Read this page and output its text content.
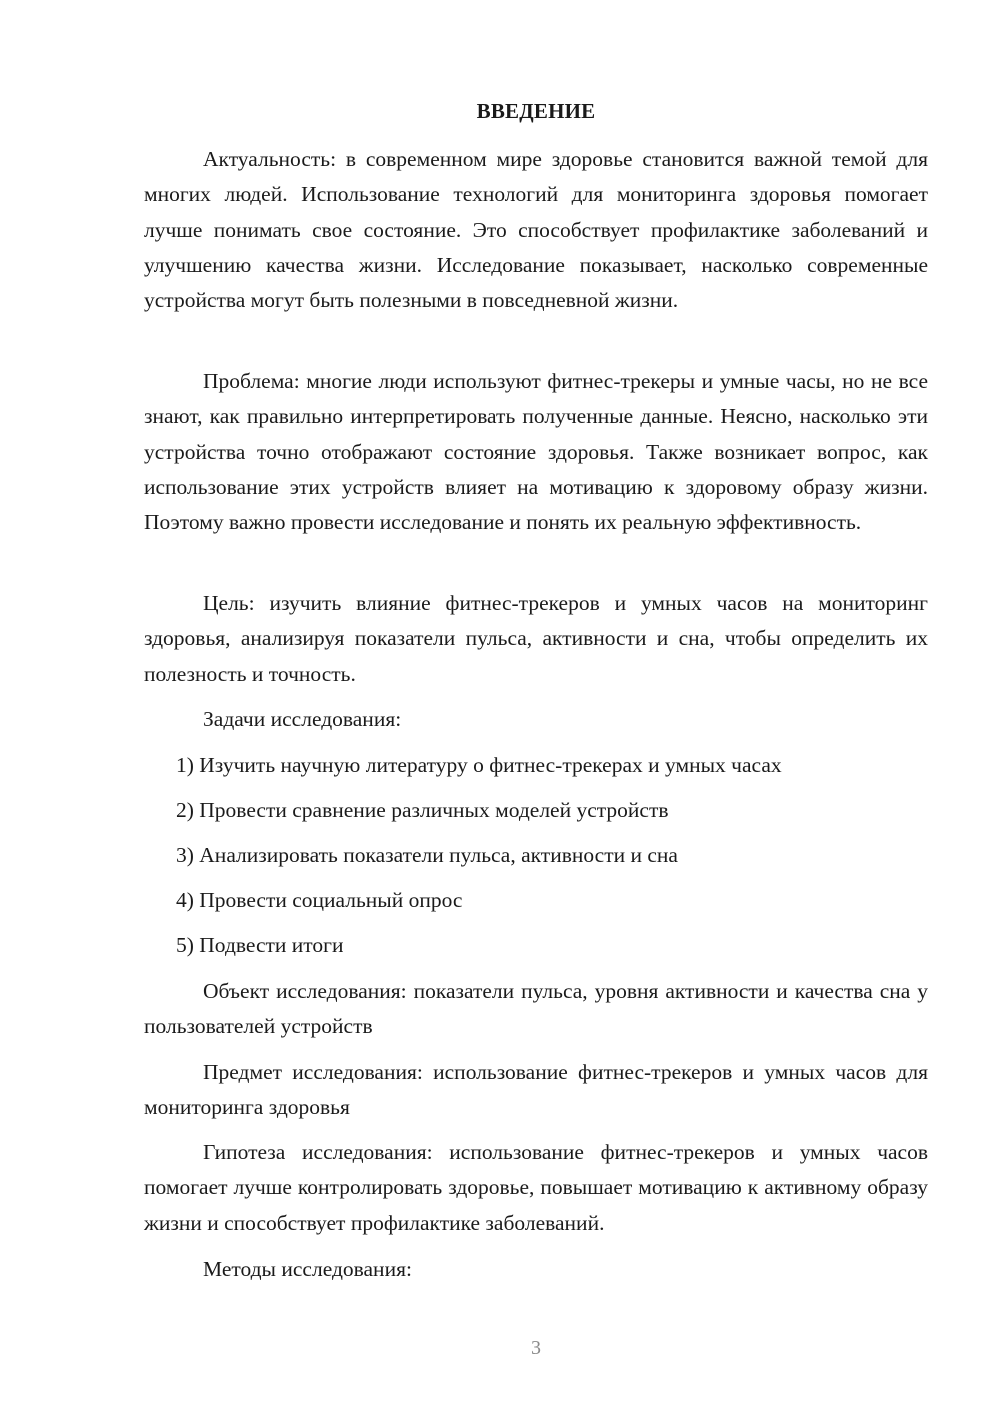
ВВЕДЕНИЕ

Актуальность: в современном мире здоровье становится важной темой для многих людей. Использование технологий для мониторинга здоровья помогает лучше понимать свое состояние. Это способствует профилактике заболеваний и улучшению качества жизни. Исследование показывает, насколько современные устройства могут быть полезными в повседневной жизни.

Проблема: многие люди используют фитнес-трекеры и умные часы, но не все знают, как правильно интерпретировать полученные данные. Неясно, насколько эти устройства точно отображают состояние здоровья. Также возникает вопрос, как использование этих устройств влияет на мотивацию к здоровому образу жизни. Поэтому важно провести исследование и понять их реальную эффективность.

Цель: изучить влияние фитнес-трекеров и умных часов на мониторинг здоровья, анализируя показатели пульса, активности и сна, чтобы определить их полезность и точность.

Задачи исследования:

1) Изучить научную литературу о фитнес-трекерах и умных часах

2) Провести сравнение различных моделей устройств

3) Анализировать показатели пульса, активности и сна

4) Провести социальный опрос

5) Подвести итоги

Объект исследования: показатели пульса, уровня активности и качества сна у пользователей устройств

Предмет исследования: использование фитнес-трекеров и умных часов для мониторинга здоровья

Гипотеза исследования: использование фитнес-трекеров и умных часов помогает лучше контролировать здоровье, повышает мотивацию к активному образу жизни и способствует профилактике заболеваний.

Методы исследования:

3
